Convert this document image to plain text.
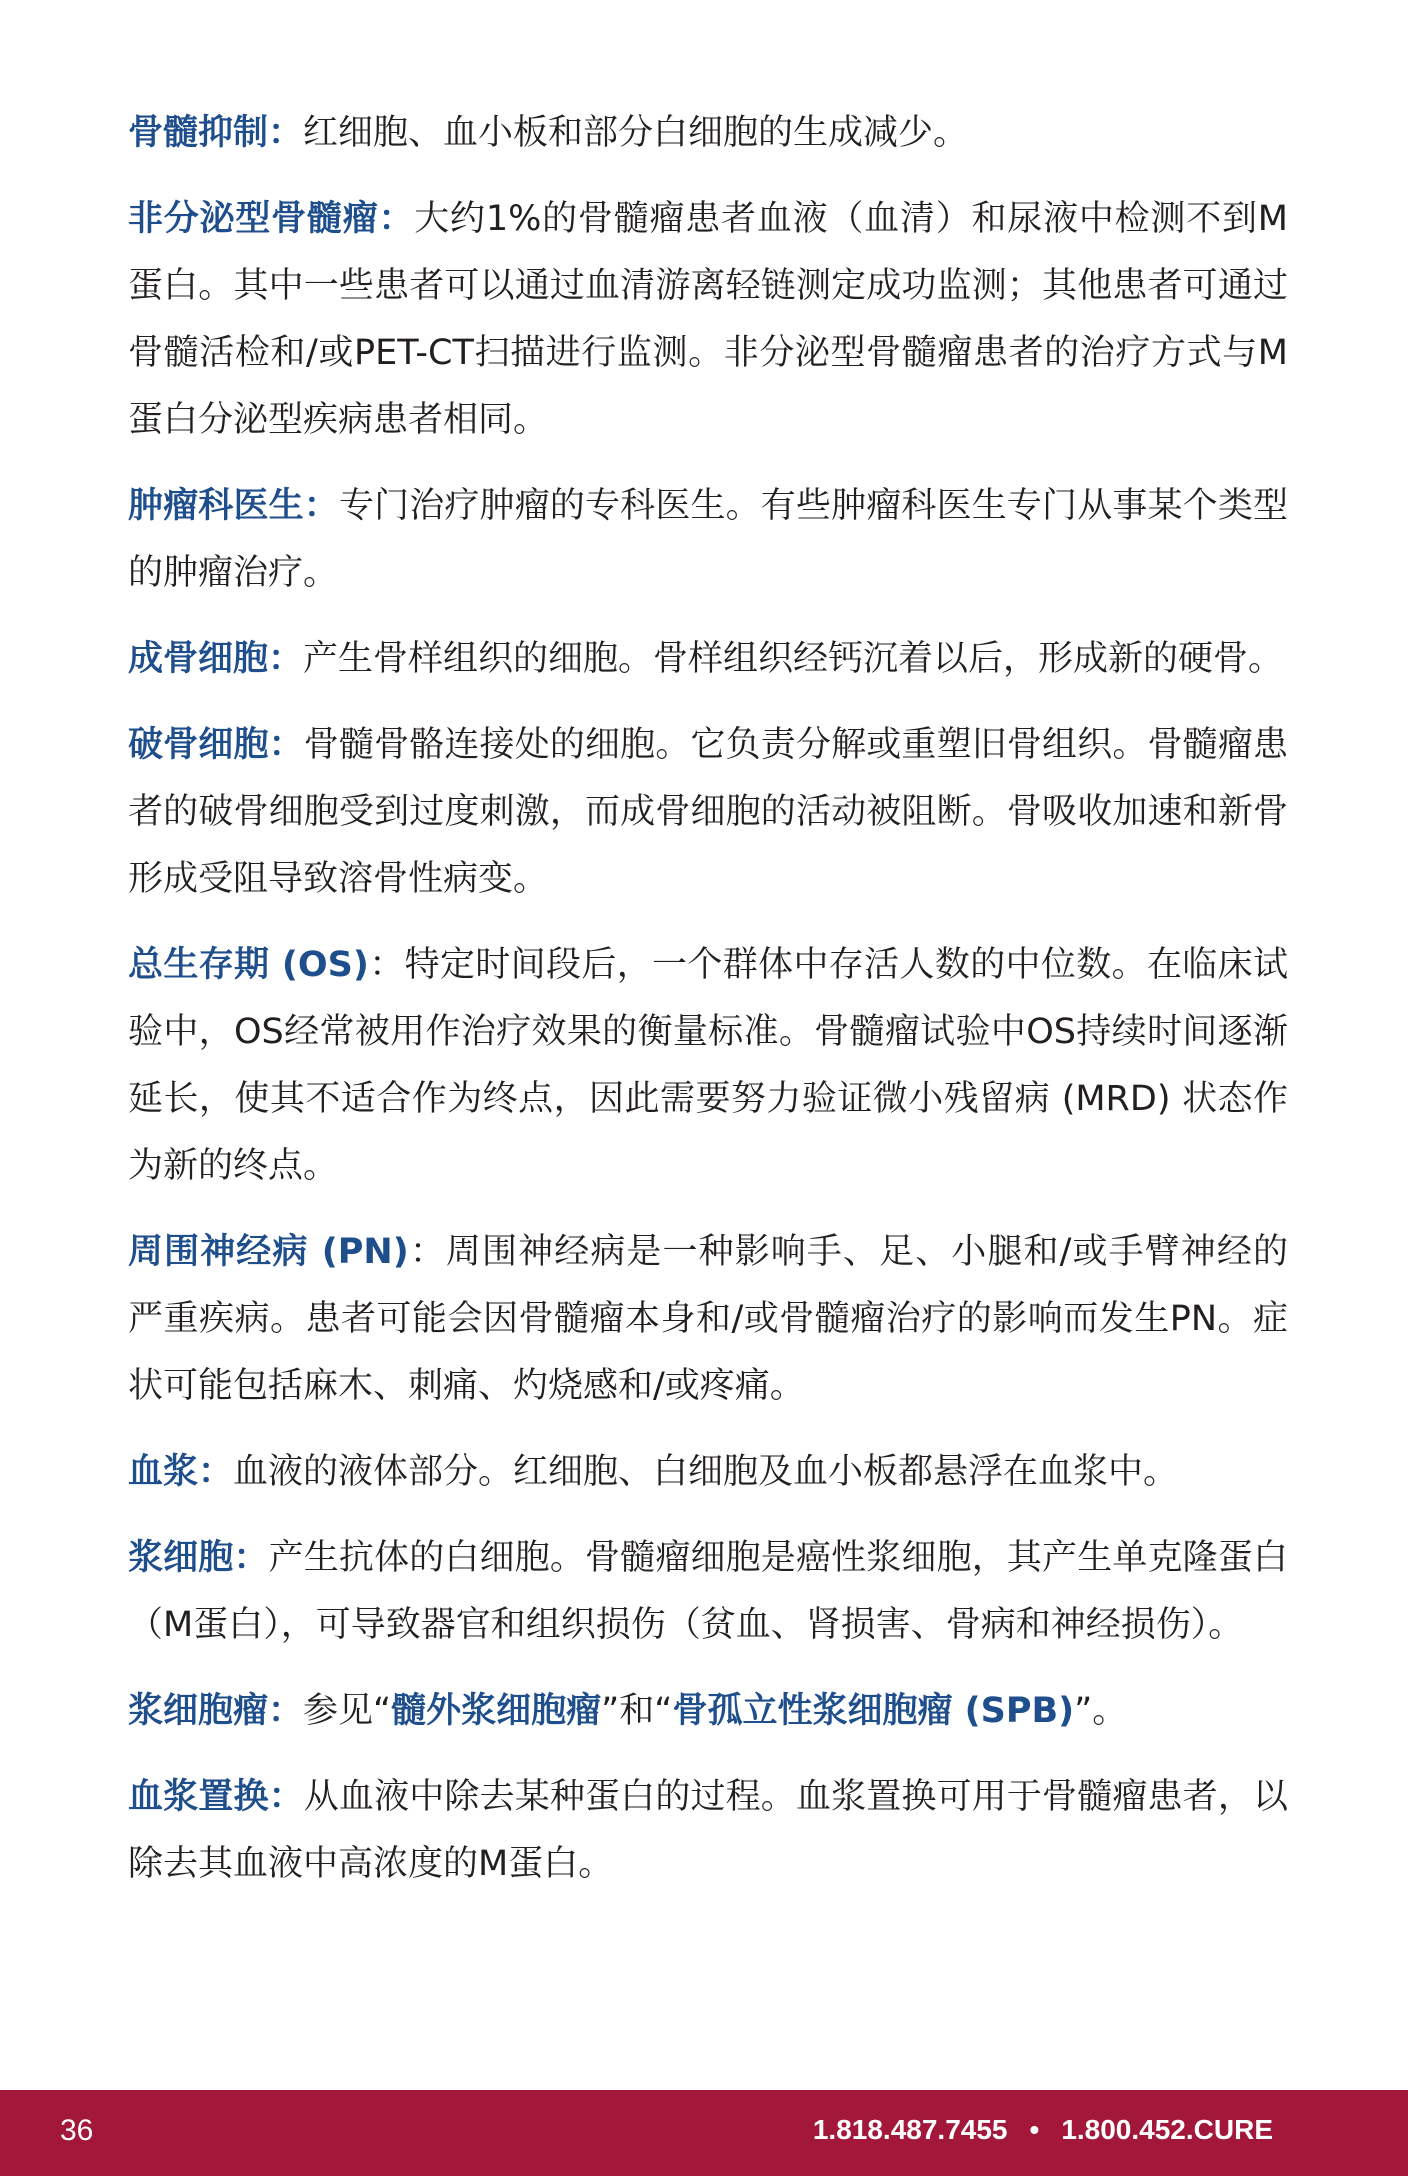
骨髓抑制：红细胞、血小板和部分白细胞的生成减少。

非分泌型骨髓瘤：大约1%的骨髓瘤患者血液（血清）和尿液中检测不到M蛋白。其中一些患者可以通过血清游离轻链测定成功监测；其他患者可通过骨髓活检和/或PET-CT扫描进行监测。非分泌型骨髓瘤患者的治疗方式与M蛋白分泌型疾病患者相同。

肿瘤科医生：专门治疗肿瘤的专科医生。有些肿瘤科医生专门从事某个类型的肿瘤治疗。

成骨细胞：产生骨样组织的细胞。骨样组织经钙沉着以后，形成新的硬骨。

破骨细胞：骨髓骨骼连接处的细胞。它负责分解或重塑旧骨组织。骨髓瘤患者的破骨细胞受到过度刺激，而成骨细胞的活动被阻断。骨吸收加速和新骨形成受阻导致溶骨性病变。

总生存期 (OS)：特定时间段后，一个群体中存活人数的中位数。在临床试验中，OS经常被用作治疗效果的衡量标准。骨髓瘤试验中OS持续时间逐渐延长，使其不适合作为终点，因此需要努力验证微小残留病 (MRD) 状态作为新的终点。

周围神经病 (PN)：周围神经病是一种影响手、足、小腿和/或手臂神经的严重疾病。患者可能会因骨髓瘤本身和/或骨髓瘤治疗的影响而发生PN。症状可能包括麻木、刺痛、灼烧感和/或疼痛。

血浆：血液的液体部分。红细胞、白细胞及血小板都悬浮在血浆中。

浆细胞：产生抗体的白细胞。骨髓瘤细胞是癌性浆细胞，其产生单克隆蛋白（M蛋白），可导致器官和组织损伤（贫血、肾损害、骨病和神经损伤）。

浆细胞瘤：参见“髓外浆细胞瘤”和“骨孤立性浆细胞瘤 (SPB)”。

血浆置换：从血液中除去某种蛋白的过程。血浆置换可用于骨髓瘤患者，以除去其血液中高浓度的M蛋白。

36	1.818.487.7455 • 1.800.452.CURE
